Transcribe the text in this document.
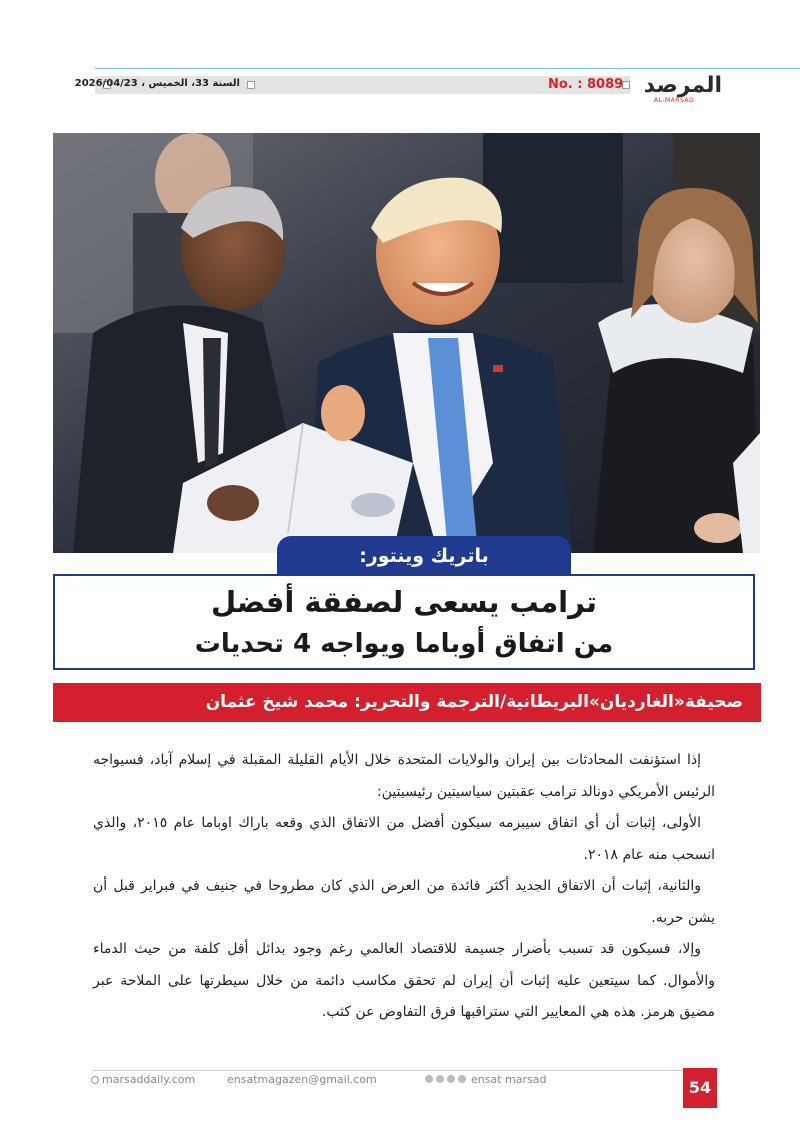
السنة 33، الخميس ، 2026/04/23	No. : 8089 المرصد
AL-MARSAD
ترامب يسعى لصفقة أفضل
من اتفاق أوباما ويواجه 4 تحديات
باتريك وينتور:
صحيفة«الغارديان»البريطانية/الترجمة والتحرير: محمد شيخ عثمان

إذا استؤنفت المحادثات بين إيران والولايات المتحدة خلال الأيام القليلة المقبلة في إسلام آباد، فسيواجه الرئيس الأمريكي دونالد ترامب عقبتين سياسيتين رئيسيتين:

الأولى، إثبات أن أي اتفاق سيبرمه سيكون أفضل من الاتفاق الذي وقعه باراك اوباما عام ٢٠١٥، والذي انسحب منه عام ٢٠١٨.

والثانية، إثبات أن الاتفاق الجديد أكثر فائدة من العرض الذي كان مطروحا في جنيف في فبراير قبل أن يشن حربه.

وإلا، فسيكون قد تسبب بأضرار جسيمة للاقتصاد العالمي رغم وجود بدائل أقل كلفة من حيث الدماء والأموال. كما سيتعين عليه إثبات أن إيران لم تحقق مكاسب دائمة من خلال سيطرتها على الملاحة عبر مضيق هرمز. هذه هي المعايير التي ستراقبها فرق التفاوض عن كثب.

marsaddaily.com	ensatmagazen@gmail.com	ensat marsad	54
